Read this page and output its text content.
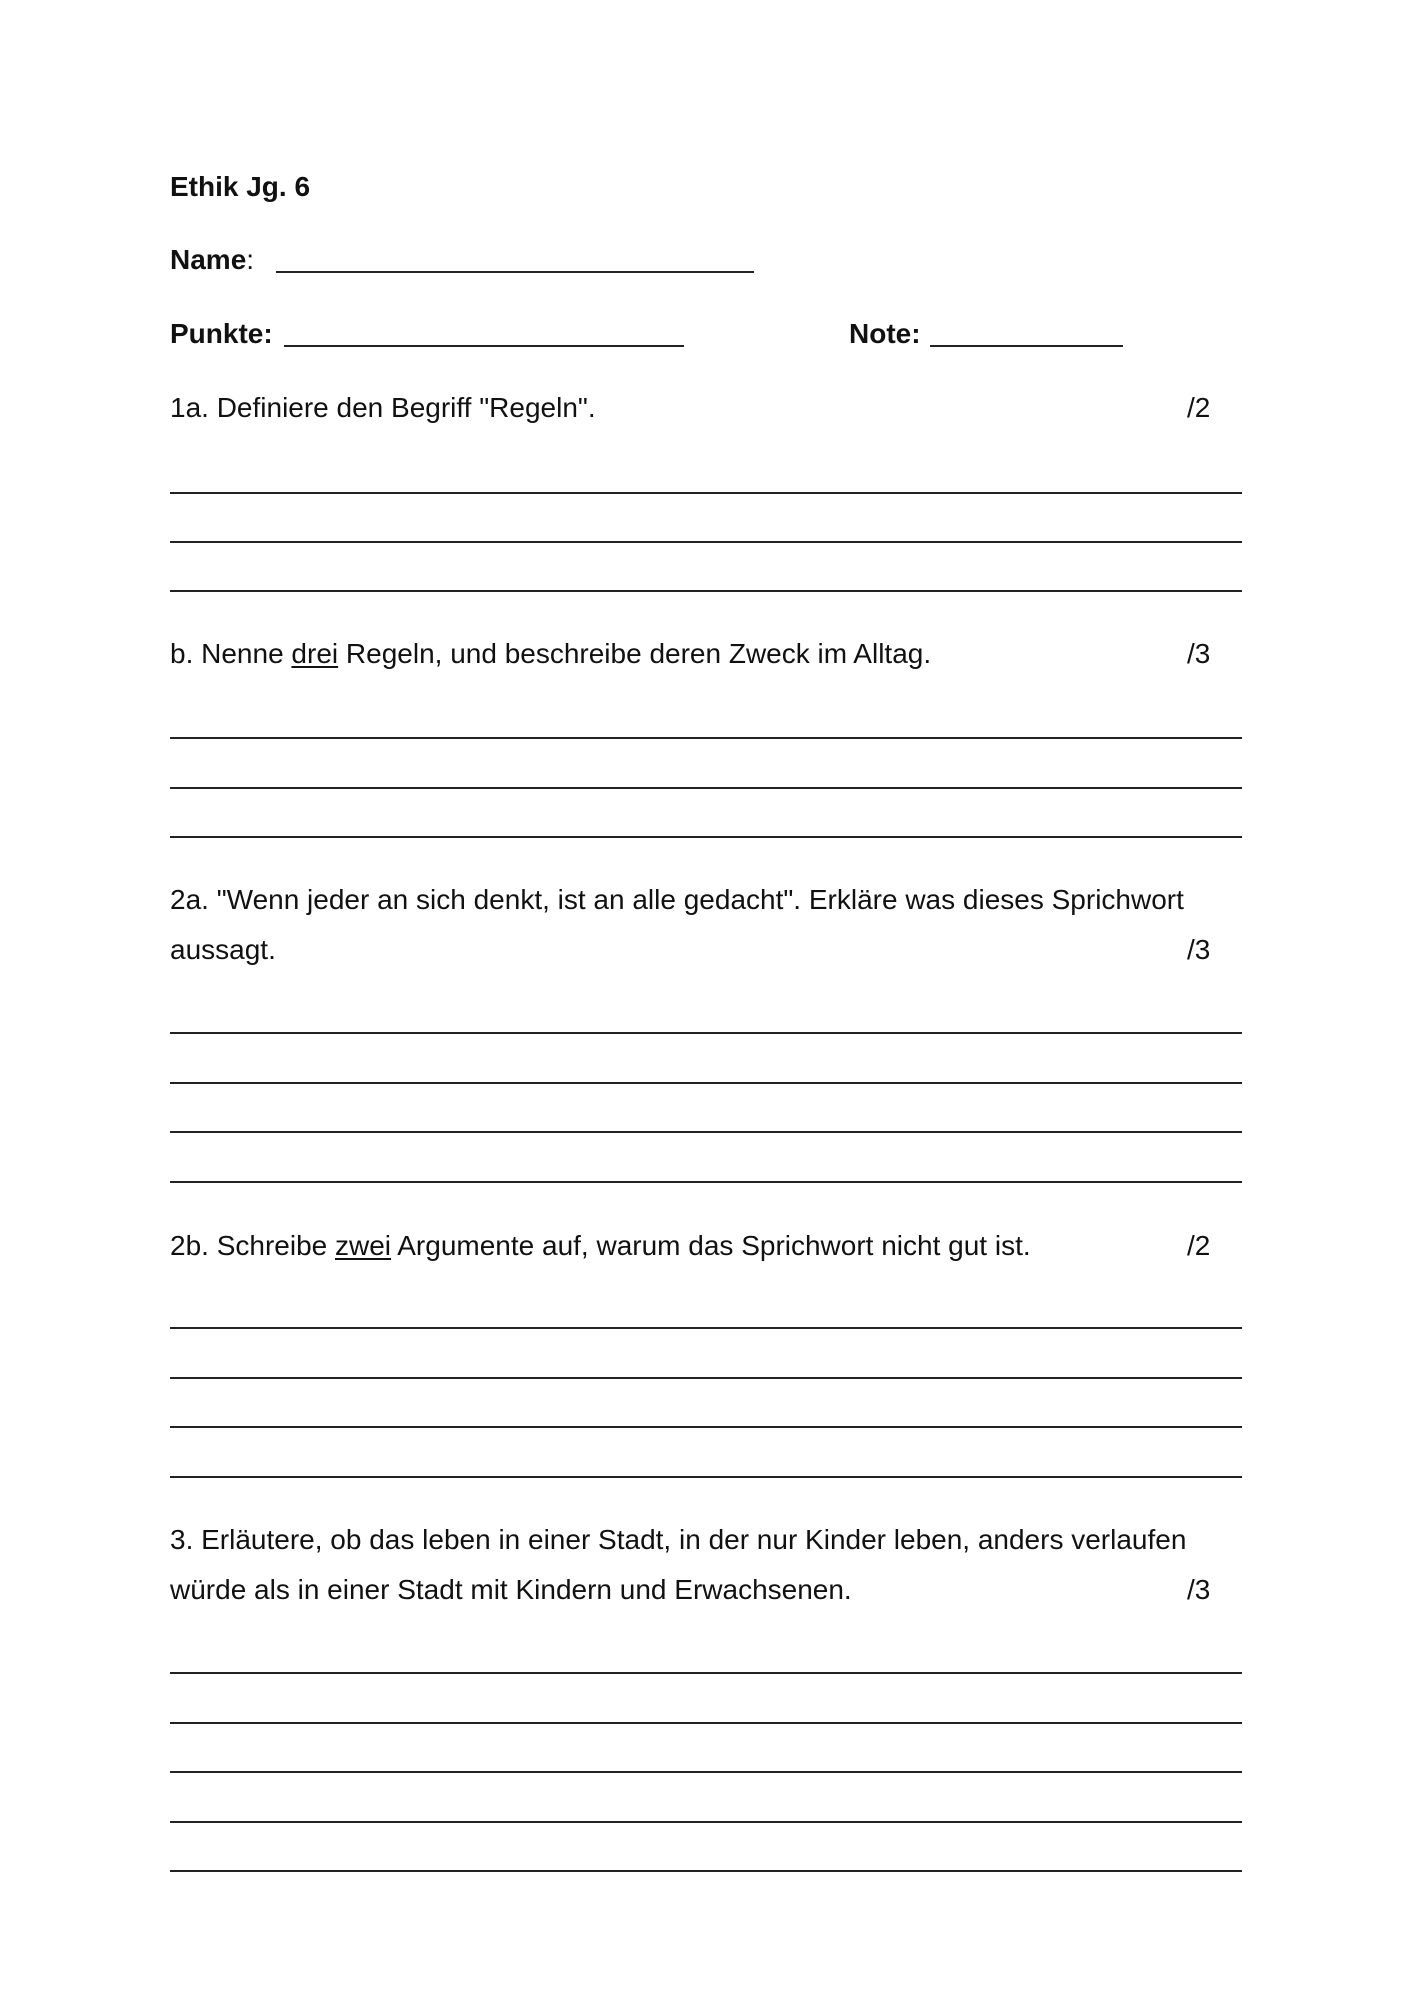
Ethik Jg. 6
Name:
Punkte:	Note:
1a. Definiere den Begriff "Regeln".	/2
b. Nenne drei Regeln, und beschreibe deren Zweck im Alltag.	/3
2a. "Wenn jeder an sich denkt, ist an alle gedacht". Erkläre was dieses Sprichwort
aussagt.	/3
2b. Schreibe zwei Argumente auf, warum das Sprichwort nicht gut ist.	/2
3. Erläutere, ob das leben in einer Stadt, in der nur Kinder leben, anders verlaufen
würde als in einer Stadt mit Kindern und Erwachsenen.	/3
